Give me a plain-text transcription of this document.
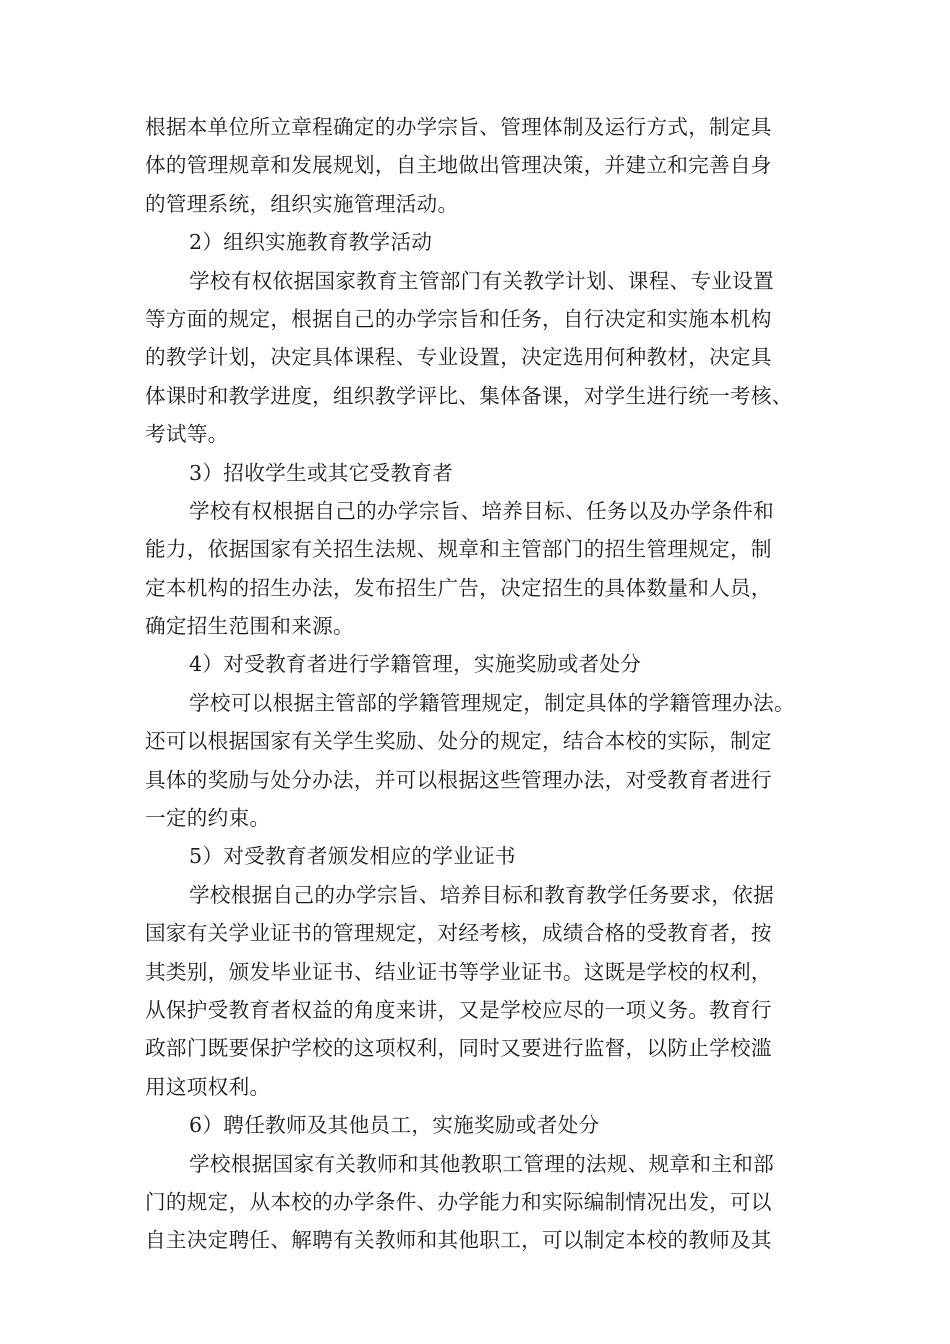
根据本单位所立章程确定的办学宗旨、管理体制及运行方式，制定具
体的管理规章和发展规划，自主地做出管理决策，并建立和完善自身
的管理系统，组织实施管理活动。
2）组织实施教育教学活动
学校有权依据国家教育主管部门有关教学计划、课程、专业设置
等方面的规定，根据自己的办学宗旨和任务，自行决定和实施本机构
的教学计划，决定具体课程、专业设置，决定选用何种教材，决定具
体课时和教学进度，组织教学评比、集体备课，对学生进行统一考核、
考试等。
3）招收学生或其它受教育者
学校有权根据自己的办学宗旨、培养目标、任务以及办学条件和
能力，依据国家有关招生法规、规章和主管部门的招生管理规定，制
定本机构的招生办法，发布招生广告，决定招生的具体数量和人员，
确定招生范围和来源。
4）对受教育者进行学籍管理，实施奖励或者处分
学校可以根据主管部的学籍管理规定，制定具体的学籍管理办法。
还可以根据国家有关学生奖励、处分的规定，结合本校的实际，制定
具体的奖励与处分办法，并可以根据这些管理办法，对受教育者进行
一定的约束。
5）对受教育者颁发相应的学业证书
学校根据自己的办学宗旨、培养目标和教育教学任务要求，依据
国家有关学业证书的管理规定，对经考核，成绩合格的受教育者，按
其类别，颁发毕业证书、结业证书等学业证书。这既是学校的权利，
从保护受教育者权益的角度来讲，又是学校应尽的一项义务。教育行
政部门既要保护学校的这项权利，同时又要进行监督，以防止学校滥
用这项权利。
6）聘任教师及其他员工，实施奖励或者处分
学校根据国家有关教师和其他教职工管理的法规、规章和主和部
门的规定，从本校的办学条件、办学能力和实际编制情况出发，可以
自主决定聘任、解聘有关教师和其他职工，可以制定本校的教师及其
